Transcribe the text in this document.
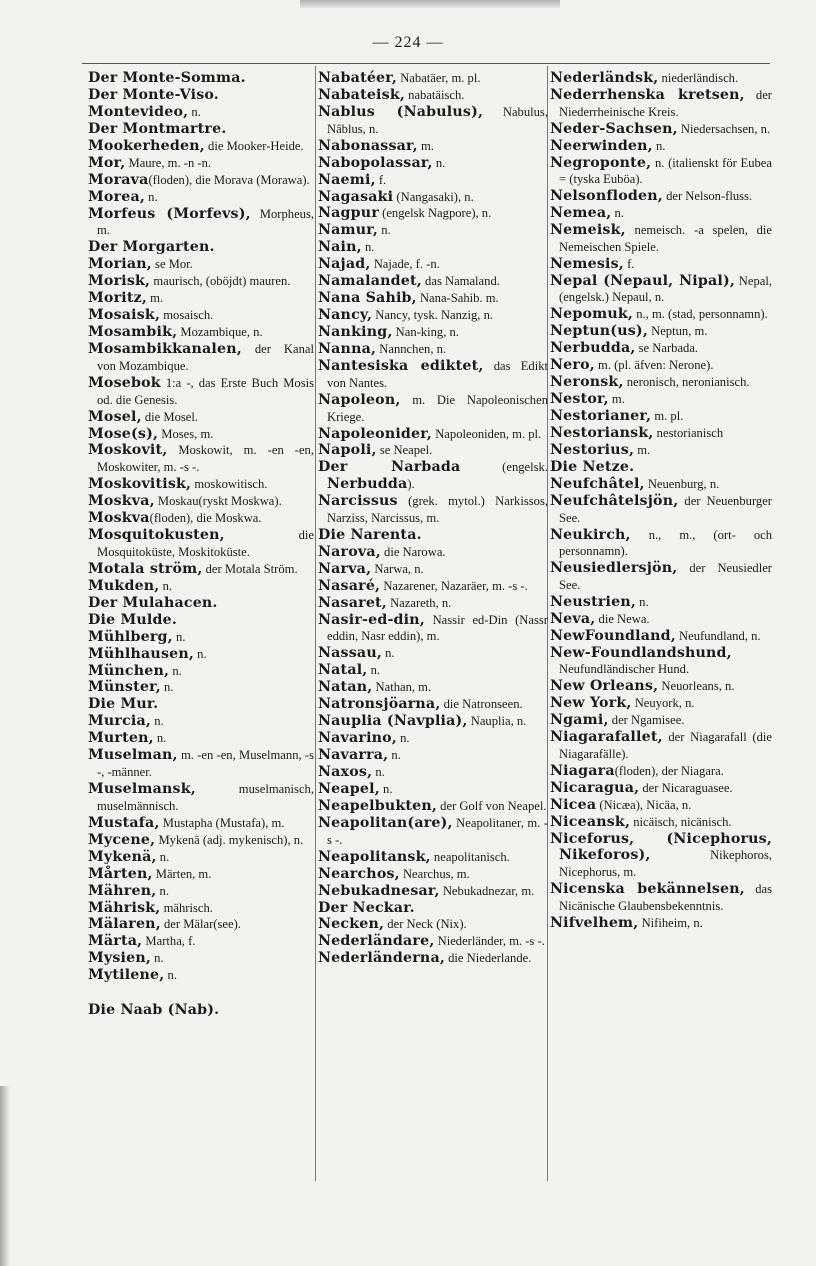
— 224 —
Der Monte-Somma.
Der Monte-Viso.
Montevideo, n.
Der Montmartre.
Mookerheden, die Mooker-Heide.
Mor, Maure, m. -n -n.
Morava(floden), die Morava (Morawa).
Morea, n.
Morfeus (Morfevs), Morpheus, m.
Der Morgarten.
Morian, se Mor.
Morisk, maurisch, (oböjdt) mauren.
Moritz, m.
Mosaisk, mosaisch.
Mosambik, Mozambique, n.
Mosambikkanalen, der Kanal von Mozambique.
Mosebok 1:a -, das Erste Buch Mosis od. die Genesis.
Mosel, die Mosel.
Mose(s), Moses, m.
Moskovit, Moskowit, m. -en -en, Moskowiter, m. -s -.
Moskovitisk, moskowitisch.
Moskva, Moskau(ryskt Moskwa).
Moskva(floden), die Moskwa.
Mosquitokusten, die Mosquitoküste, Moskitoküste.
Motala ström, der Motala Ström.
Mukden, n.
Der Mulahacen.
Die Mulde.
Mühlberg, n.
Mühlhausen, n.
München, n.
Münster, n.
Die Mur.
Murcia, n.
Murten, n.
Muselman, m. -en -en, Muselmann, -s -, -männer.
Muselmansk, muselmanisch, muselmännisch.
Mustafa, Mustapha (Mustafa), m.
Mycene, Mykenä (adj. mykenisch), n.
Mykenä, n.
Mårten, Märten, m.
Mähren, n.
Mährisk, mährisch.
Mälaren, der Mälar(see).
Märta, Martha, f.
Mysien, n.
Mytilene, n.
Die Naab (Nab).
Nabatéer, Nabatäer, m. pl.
Nabateisk, nabatäisch.
Nablus (Nabulus), Nabulus, Nâblus, n.
Nabonassar, m.
Nabopolassar, n.
Naemi, f.
Nagasaki (Nangasaki), n.
Nagpur (engelsk Nagpore), n.
Namur, n.
Nain, n.
Najad, Najade, f. -n.
Namalandet, das Namaland.
Nana Sahib, Nana-Sahib. m.
Nancy, Nancy, tysk. Nanzig, n.
Nanking, Nan-king, n.
Nanna, Nannchen, n.
Nantesiska ediktet, das Edikt von Nantes.
Napoleon, m. Die Napoleonischen Kriege.
Napoleonider, Napoleoniden, m. pl.
Napoli, se Neapel.
Der Narbada (engelsk. Nerbudda).
Narcissus (grek. mytol.) Narkissos, Narziss, Narcissus, m.
Die Narenta.
Narova, die Narowa.
Narva, Narwa, n.
Nasaré, Nazarener, Nazaräer, m. -s -.
Nasaret, Nazareth, n.
Nasir-ed-din, Nassir ed-Din (Nassr eddin, Nasr eddin), m.
Nassau, n.
Natal, n.
Natan, Nathan, m.
Natronsjöarna, die Natronseen.
Nauplia (Navplia), Nauplia, n.
Navarino, n.
Navarra, n.
Naxos, n.
Neapel, n.
Neapelbukten, der Golf von Neapel.
Neapolitan(are), Neapolitaner, m. -s -.
Neapolitansk, neapolitanisch.
Nearchos, Nearchus, m.
Nebukadnesar, Nebukadnezar, m.
Der Neckar.
Necken, der Neck (Nix).
Nederländare, Niederländer, m. -s -.
Nederländerna, die Niederlande.
Nederländsk, niederländisch.
Nederrhenska kretsen, der Niederrheinische Kreis.
Neder-Sachsen, Niedersachsen, n.
Neerwinden, n.
Negroponte, n. (italienskt för Eubea = (tyska Euböa).
Nelsonfloden, der Nelson-fluss.
Nemea, n.
Nemeisk, nemeisch. -a spelen, die Nemeischen Spiele.
Nemesis, f.
Nepal (Nepaul, Nipal), Nepal, (engelsk.) Nepaul, n.
Nepomuk, n., m. (stad, personnamn).
Neptun(us), Neptun, m.
Nerbudda, se Narbada.
Nero, m. (pl. äfven: Nerone).
Neronsk, neronisch, neronianisch.
Nestor, m.
Nestorianer, m. pl.
Nestoriansk, nestorianisch
Nestorius, m.
Die Netze.
Neufchâtel, Neuenburg, n.
Neufchâtelsjön, der Neuenburger See.
Neukirch, n., m., (ort- och personnamn).
Neusiedlersjön, der Neusiedler See.
Neustrien, n.
Neva, die Newa.
NewFoundland, Neufundland, n.
New-Foundlandshund, Neufundländischer Hund.
New Orleans, Neuorleans, n.
New York, Neuyork, n.
Ngami, der Ngamisee.
Niagarafallet, der Niagarafall (die Niagarafälle).
Niagara(floden), der Niagara.
Nicaragua, der Nicaraguasee.
Nicea (Nicæa), Nicäa, n.
Niceansk, nicäisch, nicänisch.
Niceforus, (Nicephorus, Nikeforos), Nikephoros, Nicephorus, m.
Nicenska bekännelsen, das Nicänische Glaubensbekenntnis.
Nifvelhem, Nifiheim, n.
